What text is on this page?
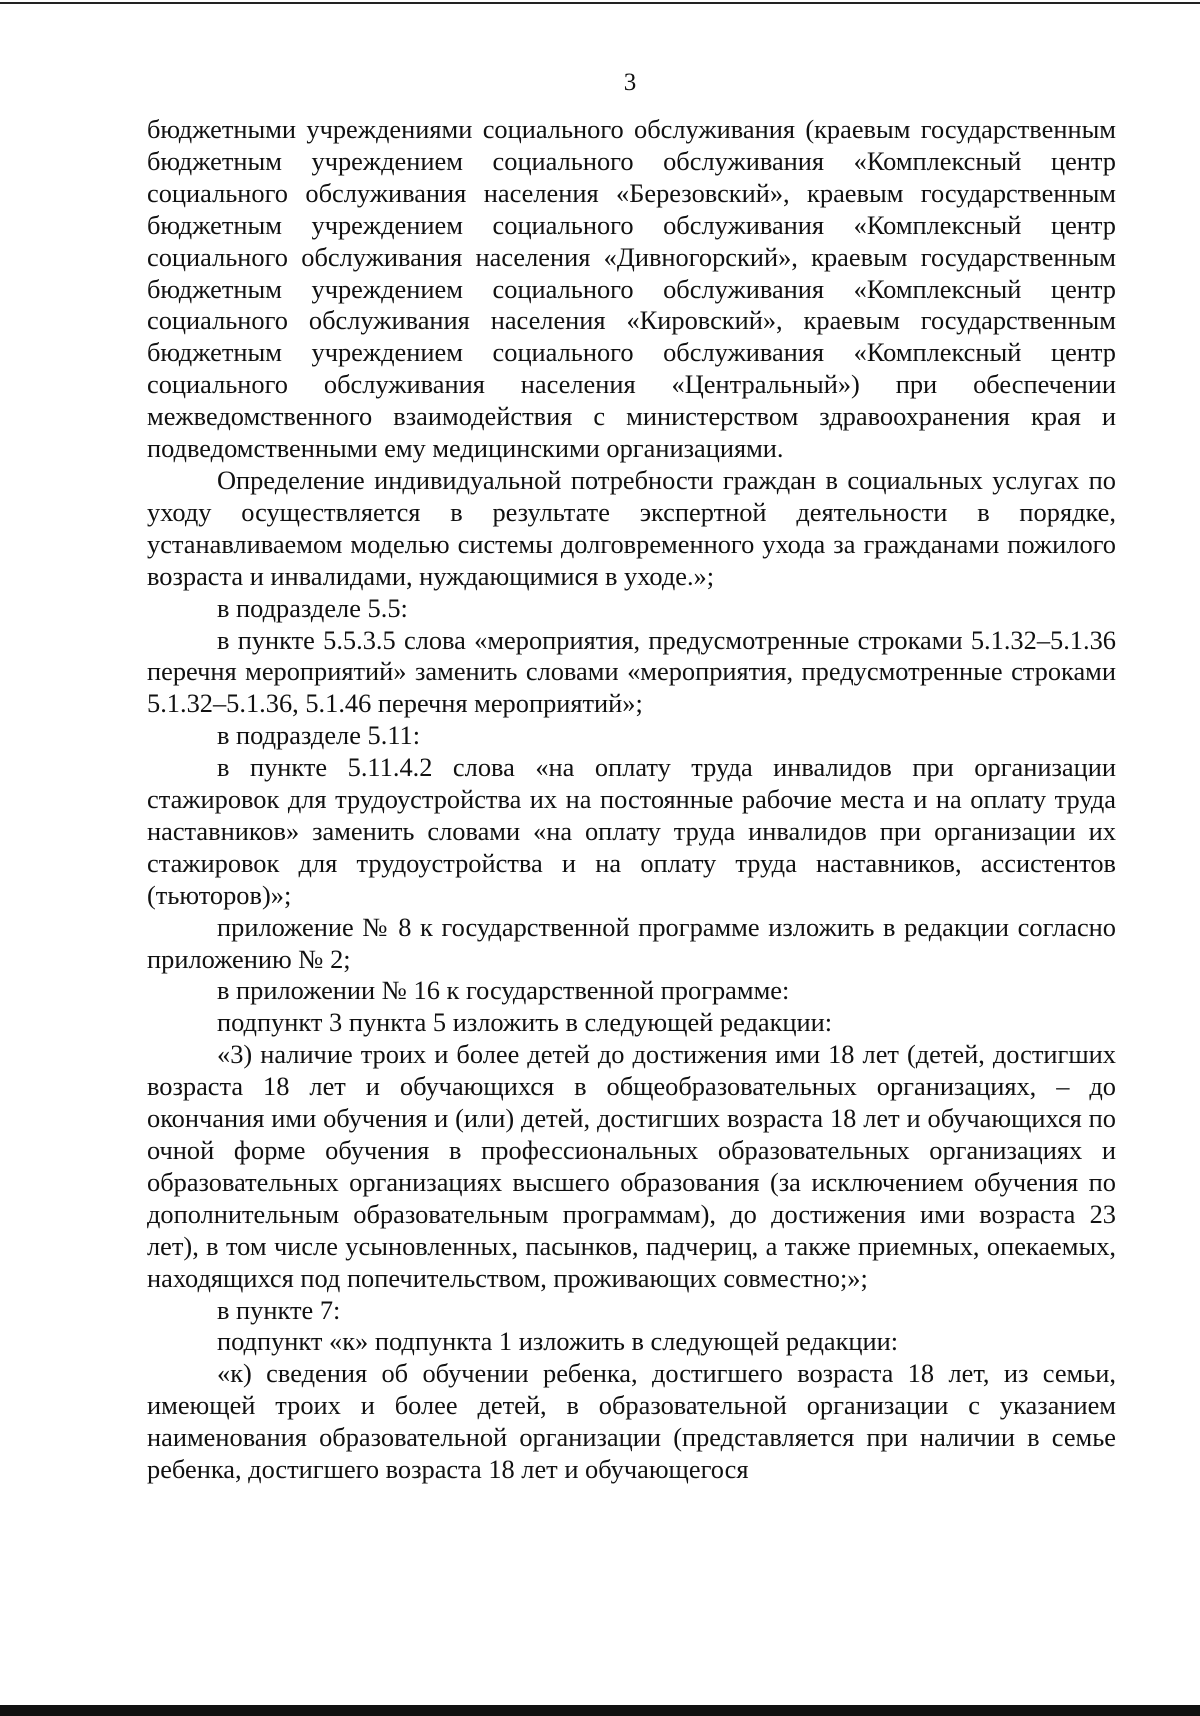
3

бюджетными учреждениями социального обслуживания (краевым государственным бюджетным учреждением социального обслуживания «Комплексный центр социального обслуживания населения «Березовский», краевым государственным бюджетным учреждением социального обслуживания «Комплексный центр социального обслуживания населения «Дивногорский», краевым государственным бюджетным учреждением социального обслуживания «Комплексный центр социального обслуживания населения «Кировский», краевым государственным бюджетным учреждением социального обслуживания «Комплексный центр социального обслуживания населения «Центральный») при обеспечении межведомственного взаимодействия с министерством здравоохранения края и подведомственными ему медицинскими организациями.

Определение индивидуальной потребности граждан в социальных услугах по уходу осуществляется в результате экспертной деятельности в порядке, устанавливаемом моделью системы долговременного ухода за гражданами пожилого возраста и инвалидами, нуждающимися в уходе.»;

в подразделе 5.5:

в пункте 5.5.3.5 слова «мероприятия, предусмотренные строками 5.1.32–5.1.36 перечня мероприятий» заменить словами «мероприятия, предусмотренные строками 5.1.32–5.1.36, 5.1.46 перечня мероприятий»;

в подразделе 5.11:

в пункте 5.11.4.2 слова «на оплату труда инвалидов при организации стажировок для трудоустройства их на постоянные рабочие места и на оплату труда наставников» заменить словами «на оплату труда инвалидов при организации их стажировок для трудоустройства и на оплату труда наставников, ассистентов (тьюторов)»;

приложение № 8 к государственной программе изложить в редакции согласно приложению № 2;

в приложении № 16 к государственной программе:

подпункт 3 пункта 5 изложить в следующей редакции:

«3) наличие троих и более детей до достижения ими 18 лет (детей, достигших возраста 18 лет и обучающихся в общеобразовательных организациях, – до окончания ими обучения и (или) детей, достигших возраста 18 лет и обучающихся по очной форме обучения в профессиональных образовательных организациях и образовательных организациях высшего образования (за исключением обучения по дополнительным образовательным программам), до достижения ими возраста 23 лет), в том числе усыновленных, пасынков, падчериц, а также приемных, опекаемых, находящихся под попечительством, проживающих совместно;»;

в пункте 7:

подпункт «к» подпункта 1 изложить в следующей редакции:

«к) сведения об обучении ребенка, достигшего возраста 18 лет, из семьи, имеющей троих и более детей, в образовательной организации с указанием наименования образовательной организации (представляется при наличии в семье ребенка, достигшего возраста 18 лет и обучающегося
